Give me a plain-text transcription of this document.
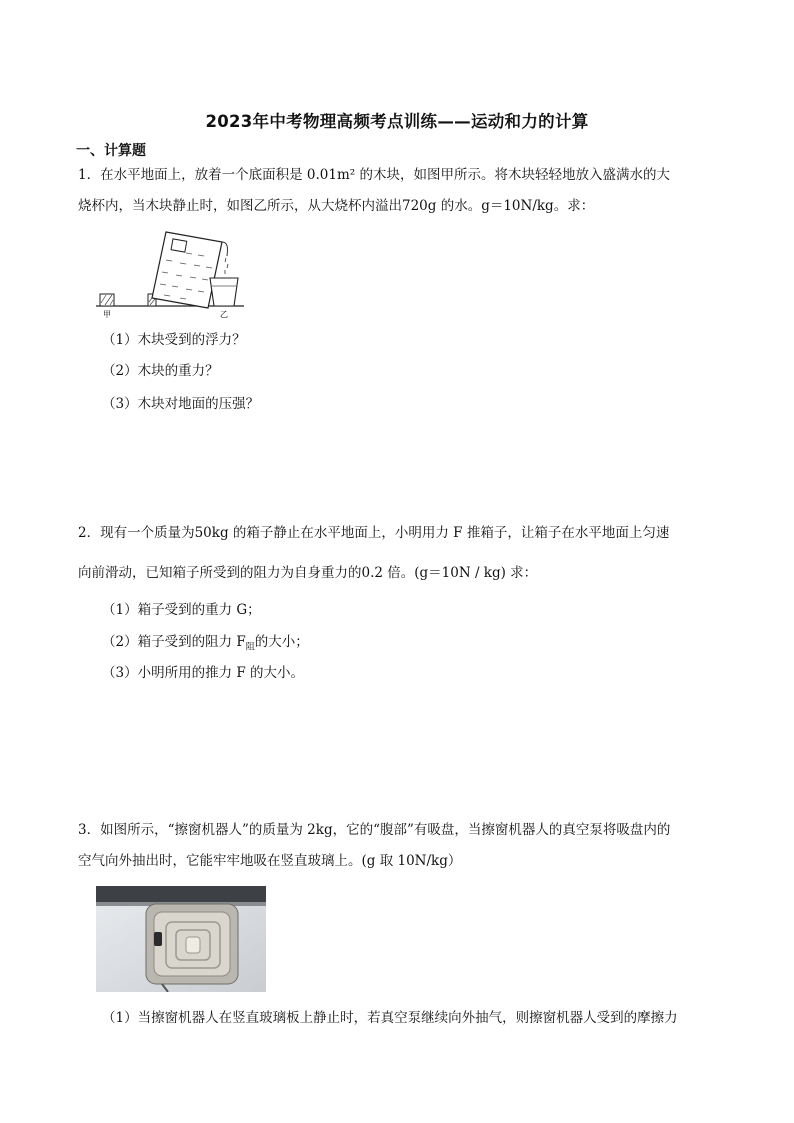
2023年中考物理高频考点训练——运动和力的计算
一、计算题
1．在水平地面上，放着一个底面积是 0.01m² 的木块，如图甲所示。将木块轻轻地放入盛满水的大
烧杯内，当木块静止时，如图乙所示，从大烧杯内溢出720g 的水。g＝10N/kg。求：
甲	乙
（1）木块受到的浮力？
（2）木块的重力？
（3）木块对地面的压强？
2．现有一个质量为50kg 的箱子静止在水平地面上，小明用力 F 推箱子，让箱子在水平地面上匀速
向前滑动，已知箱子所受到的阻力为自身重力的0.2 倍。(g＝10N / kg) 求：
（1）箱子受到的重力 G；
（2）箱子受到的阻力 $F_阻$的大小；
（3）小明所用的推力 F 的大小。
3．如图所示，“擦窗机器人”的质量为 2kg，它的“腹部”有吸盘，当擦窗机器人的真空泵将吸盘内的
空气向外抽出时，它能牢牢地吸在竖直玻璃上。(g 取 10N/kg）
（1）当擦窗机器人在竖直玻璃板上静止时，若真空泵继续向外抽气，则擦窗机器人受到的摩擦力
